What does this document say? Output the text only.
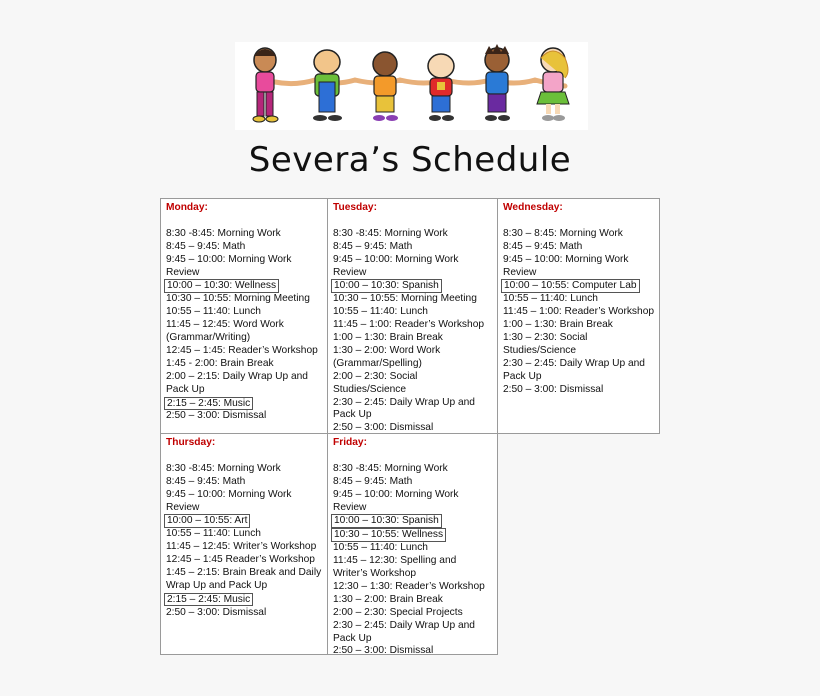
Severa’s Schedule
Monday:
8:30 -8:45: Morning Work
8:45 – 9:45: Math
9:45 – 10:00: Morning Work Review
10:00 – 10:30: Wellness
10:30 – 10:55: Morning Meeting
10:55 – 11:40: Lunch
11:45 – 12:45: Word Work (Grammar/Writing)
12:45 – 1:45: Reader’s Workshop
1:45 - 2:00: Brain Break
2:00 – 2:15: Daily Wrap Up and Pack Up
2:15 – 2:45: Music
2:50 – 3:00: Dismissal
Tuesday:
8:30 -8:45: Morning Work
8:45 – 9:45: Math
9:45 – 10:00: Morning Work Review
10:00 – 10:30: Spanish
10:30 – 10:55: Morning Meeting
10:55 – 11:40: Lunch
11:45 – 1:00: Reader’s Workshop
1:00 – 1:30: Brain Break
1:30 – 2:00: Word Work (Grammar/Spelling)
2:00 – 2:30: Social Studies/Science
2:30 – 2:45: Daily Wrap Up and Pack Up
2:50 – 3:00: Dismissal
Wednesday:
8:30 – 8:45: Morning Work
8:45 – 9:45: Math
9:45 – 10:00: Morning Work Review
10:00 – 10:55: Computer Lab
10:55 – 11:40: Lunch
11:45 – 1:00: Reader’s Workshop
1:00 – 1:30: Brain Break
1:30 – 2:30: Social Studies/Science
2:30 – 2:45: Daily Wrap Up and Pack Up
2:50 – 3:00: Dismissal
Thursday:
8:30 -8:45: Morning Work
8:45 – 9:45: Math
9:45 – 10:00: Morning Work Review
10:00 – 10:55: Art
10:55 – 11:40: Lunch
11:45 – 12:45: Writer’s Workshop
12:45 – 1:45 Reader’s Workshop
1:45 – 2:15: Brain Break and Daily Wrap Up and Pack Up
2:15 – 2:45: Music
2:50 – 3:00: Dismissal
Friday:
8:30 -8:45: Morning Work
8:45 – 9:45: Math
9:45 – 10:00: Morning Work Review
10:00 – 10:30: Spanish
10:30 – 10:55: Wellness
10:55 – 11:40: Lunch
11:45 – 12:30: Spelling and Writer’s Workshop
12:30 – 1:30: Reader’s Workshop
1:30 – 2:00: Brain Break
2:00 – 2:30: Special Projects
2:30 – 2:45: Daily Wrap Up and Pack Up
2:50 – 3:00: Dismissal
